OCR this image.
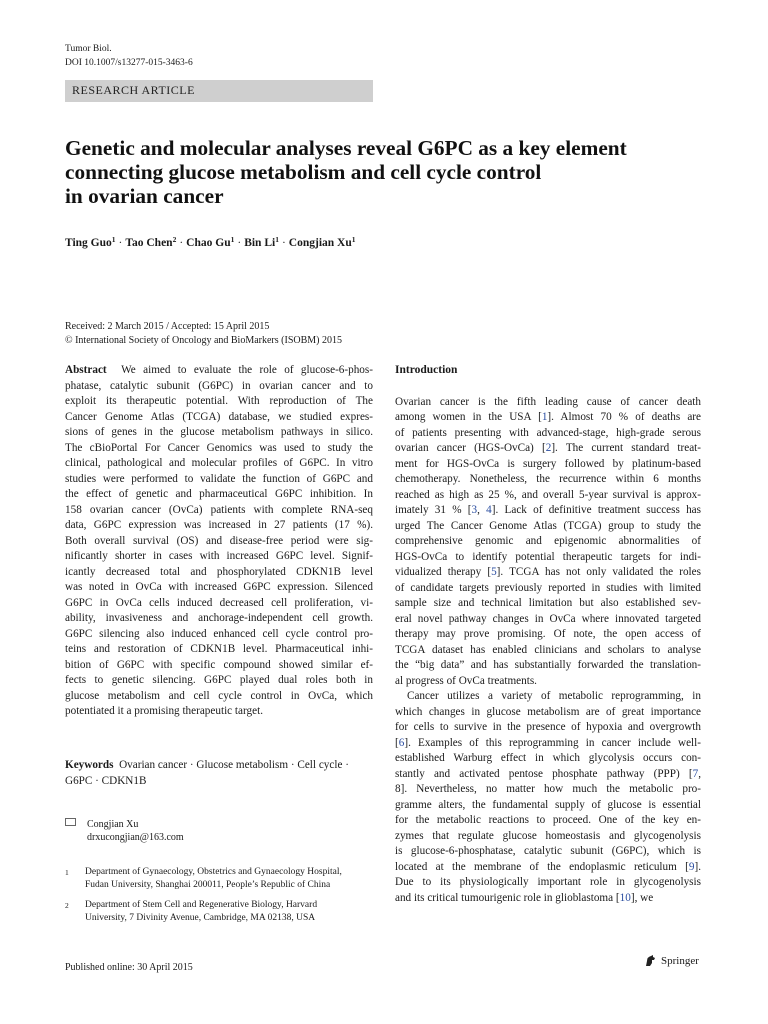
Tumor Biol.
DOI 10.1007/s13277-015-3463-6
RESEARCH ARTICLE
Genetic and molecular analyses reveal G6PC as a key element
connecting glucose metabolism and cell cycle control
in ovarian cancer
Ting Guo$^1$ · Tao Chen$^2$ · Chao $Gu^1$ · Bin $Li^1$ · Congjian Xu$^1$
Received: 2 March 2015 / Accepted: 15 April 2015
© International Society of Oncology and BioMarkers (ISOBM) 2015
Abstract We aimed to evaluate the role of glucose-6-phos-
phatase, catalytic subunit (G6PC) in ovarian cancer and to
exploit its therapeutic potential. With reproduction of The
Cancer Genome Atlas (TCGA) database, we studied expres-
sions of genes in the glucose metabolism pathways in silico.
The cBioPortal For Cancer Genomics was used to study the
clinical, pathological and molecular profiles of G6PC. In vitro
studies were performed to validate the function of G6PC and
the effect of genetic and pharmaceutical G6PC inhibition. In
158 ovarian cancer (OvCa) patients with complete RNA-seq
data, G6PC expression was increased in 27 patients (17 %).
Both overall survival (OS) and disease-free period were sig-
nificantly shorter in cases with increased G6PC level. Signif-
icantly decreased total and phosphorylated CDKN1B level
was noted in OvCa with increased G6PC expression. Silenced
G6PC in OvCa cells induced decreased cell proliferation, vi-
ability, invasiveness and anchorage-independent cell growth.
G6PC silencing also induced enhanced cell cycle control pro-
teins and restoration of CDKN1B level. Pharmaceutical inhi-
bition of G6PC with specific compound showed similar ef-
fects to genetic silencing. G6PC played dual roles both in
glucose metabolism and cell cycle control in OvCa, which
potentiated it a promising therapeutic target.
Keywords Ovarian cancer · Glucose metabolism · Cell cycle ·
G6PC · CDKN1B
Congjian Xu
drxucongjian@163.com
1 Department of Gynaecology, Obstetrics and Gynaecology Hospital,
Fudan University, Shanghai 200011, People’s Republic of China
2 Department of Stem Cell and Regenerative Biology, Harvard
University, 7 Divinity Avenue, Cambridge, MA 02138, USA
Published online: 30 April 2015
Springer
Introduction
Ovarian cancer is the fifth leading cause of cancer death
among women in the USA [1]. Almost 70 % of deaths are
of patients presenting with advanced-stage, high-grade serous
ovarian cancer (HGS-OvCa) [2]. The current standard treat-
ment for HGS-OvCa is surgery followed by platinum-based
chemotherapy. Nonetheless, the recurrence within 6 months
reached as high as 25 %, and overall 5-year survival is approx-
imately 31 % [3, 4]. Lack of definitive treatment success has
urged The Cancer Genome Atlas (TCGA) group to study the
comprehensive genomic and epigenomic abnormalities of
HGS-OvCa to identify potential therapeutic targets for indi-
vidualized therapy [5]. TCGA has not only validated the roles
of candidate targets previously reported in studies with limited
sample size and technical limitation but also established sev-
eral novel pathway changes in OvCa where innovated targeted
therapy may prove promising. Of note, the open access of
TCGA dataset has enabled clinicians and scholars to analyse
the “big data” and has substantially forwarded the translation-
al progress of OvCa treatments.
Cancer utilizes a variety of metabolic reprogramming, in
which changes in glucose metabolism are of great importance
for cells to survive in the presence of hypoxia and overgrowth
[6]. Examples of this reprogramming in cancer include well-
established Warburg effect in which glycolysis occurs con-
stantly and activated pentose phosphate pathway (PPP) [7,
8]. Nevertheless, no matter how much the metabolic pro-
gramme alters, the fundamental supply of glucose is essential
for the metabolic reactions to proceed. One of the key en-
zymes that regulate glucose homeostasis and glycogenolysis
is glucose-6-phosphatase, catalytic subunit (G6PC), which is
located at the membrane of the endoplasmic reticulum [9].
Due to its physiologically important role in glycogenolysis
and its critical tumourigenic role in glioblastoma [10], we
